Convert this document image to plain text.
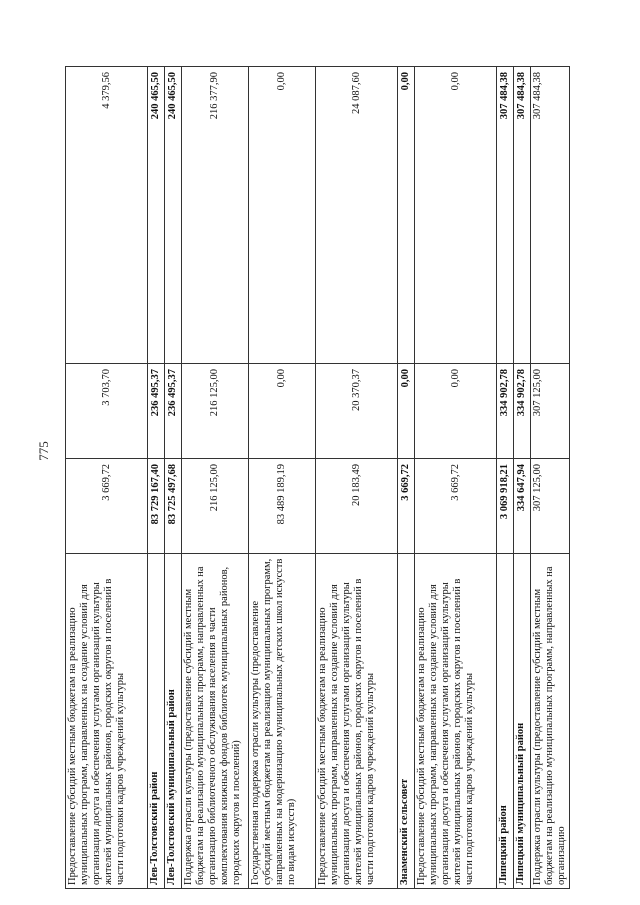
775
Предоставление субсидий местным бюджетам на реализацию муниципальных программ, направленных на создание условий для организации досуга и обеспечения услугами организаций культуры жителей муниципальных районов, городских округов и поселений в части подготовки кадров учреждений культуры	3 669,72	3 703,70	4 379,56
Лев-Толстовский район	83 729 167,40	236 495,37	240 465,50
Лев-Толстовский муниципальный район	83 725 497,68	236 495,37	240 465,50
Поддержка отрасли культуры (предоставление субсидий местным бюджетам на реализацию муниципальных программ, направленных на организацию библиотечного обслуживания населения в части комплектования книжных фондов библиотек муниципальных районов, городских округов и поселений)	216 125,00	216 125,00	216 377,90
Государственная поддержка отрасли культуры (предоставление субсидий местным бюджетам на реализацию муниципальных программ, направленных на модернизацию муниципальных детских школ искусств по видам искусств)	83 489 189,19	0,00	0,00
Предоставление субсидий местным бюджетам на реализацию муниципальных программ, направленных на создание условий для организации досуга и обеспечения услугами организаций культуры жителей муниципальных районов, городских округов и поселений в части подготовки кадров учреждений культуры	20 183,49	20 370,37	24 087,60
Знаменский сельсовет	3 669,72	0,00	0,00
Предоставление субсидий местным бюджетам на реализацию муниципальных программ, направленных на создание условий для организации досуга и обеспечения услугами организаций культуры жителей муниципальных районов, городских округов и поселений в части подготовки кадров учреждений культуры	3 669,72	0,00	0,00
Липецкий район	3 069 918,21	334 902,78	307 484,38
Липецкий муниципальный район	334 647,94	334 902,78	307 484,38
Поддержка отрасли культуры (предоставление субсидий местным бюджетам на реализацию муниципальных программ, направленных на организацию	307 125,00	307 125,00	307 484,38
